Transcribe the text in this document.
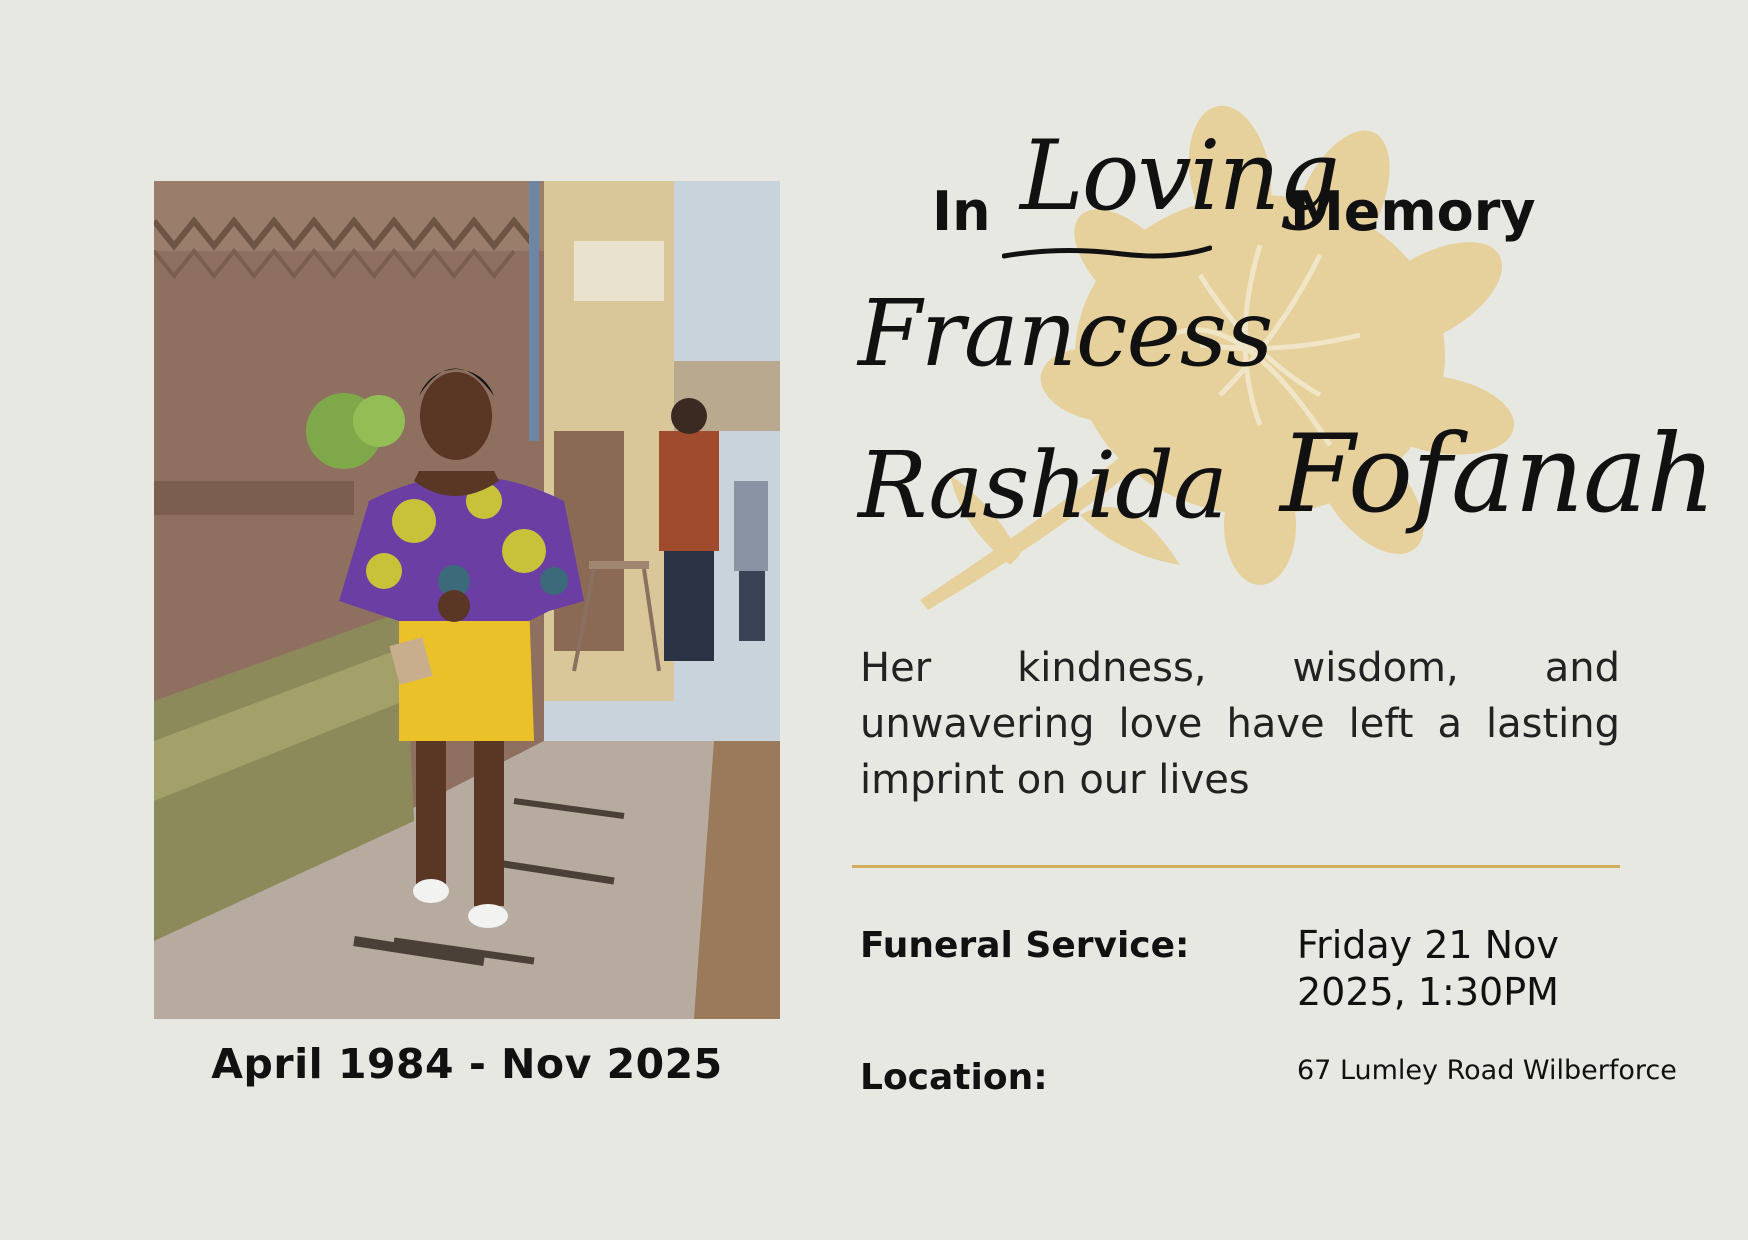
April 1984 - Nov 2025
In Loving
Memory
Francess
Rashida Fofanah
Her kindness, wisdom, and unwavering love have left a lasting imprint on our lives
Funeral Service:	Friday 21 Nov 2025, 1:30PM
Location:	67 Lumley Road Wilberforce
